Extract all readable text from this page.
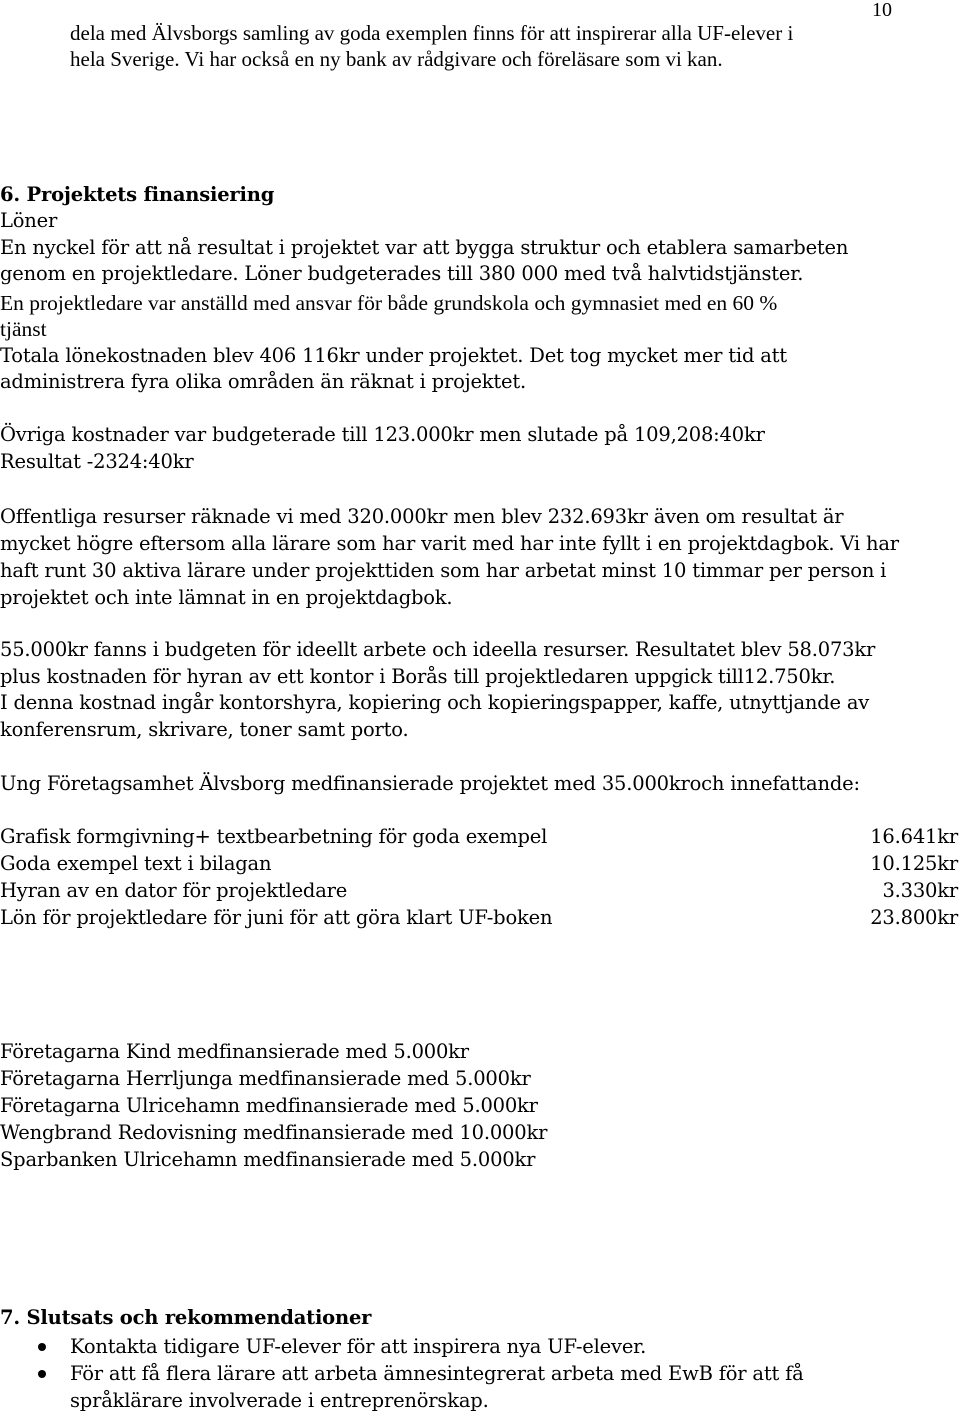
10
dela med Älvsborgs samling av goda exemplen finns för att inspirerar alla UF-elever i
hela Sverige. Vi har också en ny bank av rådgivare och föreläsare som vi kan.
6. Projektets finansiering
Löner
En nyckel för att nå resultat i projektet var att bygga struktur och etablera samarbeten
genom en projektledare. Löner budgeterades till 380 000 med två halvtidstjänster.
En projektledare var anställd med ansvar för både grundskola och gymnasiet med en 60 %
tjänst
Totala lönekostnaden blev 406 116kr under projektet. Det tog mycket mer tid att
administrera fyra olika områden än räknat i projektet.
Övriga kostnader var budgeterade till 123.000kr men slutade på 109,208:40kr
Resultat -2324:40kr
Offentliga resurser räknade vi med 320.000kr men blev 232.693kr även om resultat är
mycket högre eftersom alla lärare som har varit med har inte fyllt i en projektdagbok. Vi har
haft runt 30 aktiva lärare under projekttiden som har arbetat minst 10 timmar per person i
projektet och inte lämnat in en projektdagbok.
55.000kr fanns i budgeten för ideellt arbete och ideella resurser. Resultatet blev 58.073kr
plus kostnaden för hyran av ett kontor i Borås till projektledaren uppgick till12.750kr.
I denna kostnad ingår kontorshyra, kopiering och kopieringspapper, kaffe, utnyttjande av
konferensrum, skrivare, toner samt porto.
Ung Företagsamhet Älvsborg medfinansierade projektet med 35.000kroch innefattande:
Grafisk formgivning+ textbearbetning för goda exempel	16.641kr
Goda exempel text i bilagan	10.125kr
Hyran av en dator för projektledare	3.330kr
Lön för projektledare för juni för att göra klart UF-boken	23.800kr
Företagarna Kind medfinansierade med 5.000kr
Företagarna Herrljunga medfinansierade med 5.000kr
Företagarna Ulricehamn medfinansierade med 5.000kr
Wengbrand Redovisning medfinansierade med 10.000kr
Sparbanken Ulricehamn medfinansierade med 5.000kr
7. Slutsats och rekommendationer
Kontakta tidigare UF-elever för att inspirera nya UF-elever.
För att få flera lärare att arbeta ämnesintegrerat arbeta med EwB för att få
språklärare involverade i entreprenörskap.
